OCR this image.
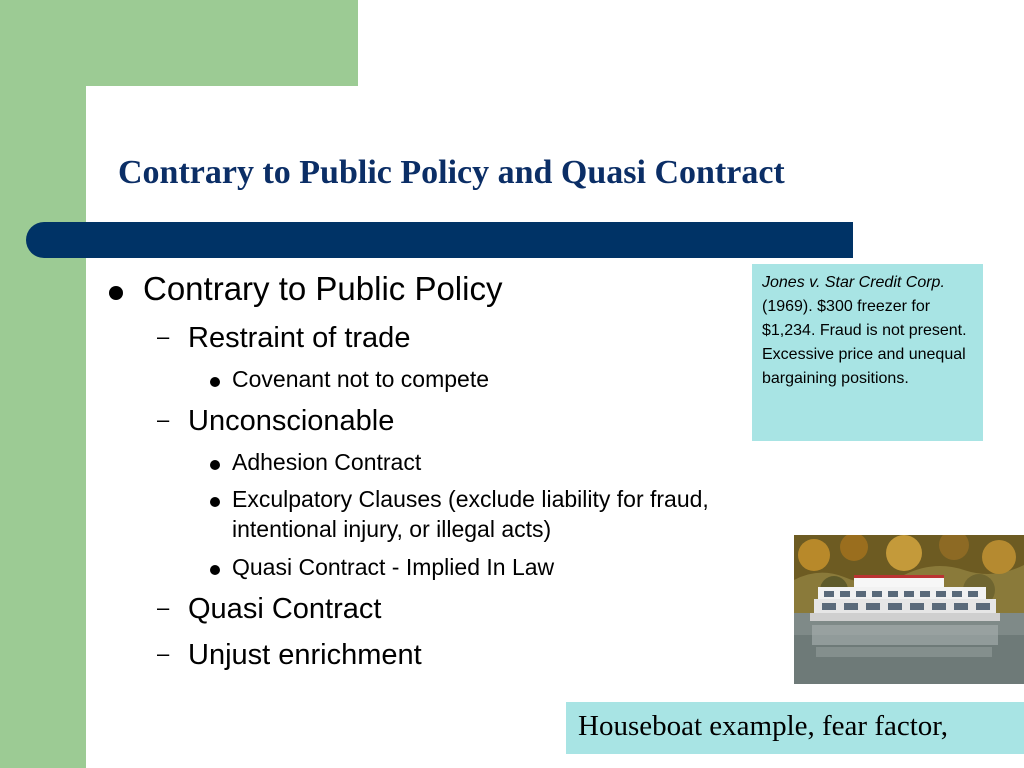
Contrary to Public Policy and Quasi Contract
Contrary to Public Policy
– Restraint of trade
Covenant not to compete
– Unconscionable
Adhesion Contract
Exculpatory Clauses (exclude liability for fraud,
intentional injury, or illegal acts)
Quasi Contract - Implied In Law
– Quasi Contract
– Unjust enrichment
Jones v. Star Credit Corp. (1969). $300 freezer for $1,234. Fraud is not present. Excessive price and unequal bargaining positions.
Houseboat example, fear factor,
